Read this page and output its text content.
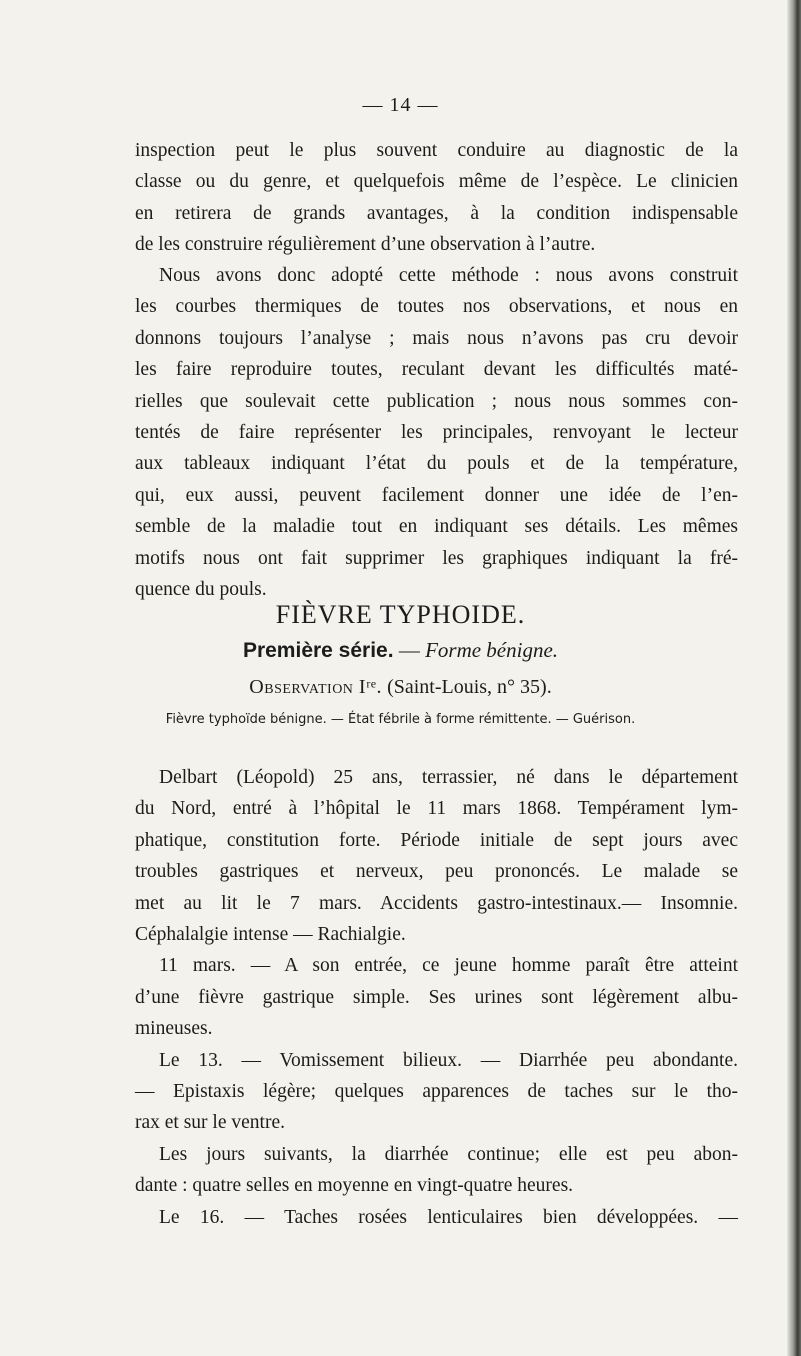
— 14 —

inspection peut le plus souvent conduire au diagnostic de la
classe ou du genre, et quelquefois même de l’espèce. Le clinicien
en retirera de grands avantages, à la condition indispensable
de les construire régulièrement d’une observation à l’autre.

Nous avons donc adopté cette méthode : nous avons construit
les courbes thermiques de toutes nos observations, et nous en
donnons toujours l’analyse ; mais nous n’avons pas cru devoir
les faire reproduire toutes, reculant devant les difficultés maté-
rielles que soulevait cette publication ; nous nous sommes con-
tentés de faire représenter les principales, renvoyant le lecteur
aux tableaux indiquant l’état du pouls et de la température,
qui, eux aussi, peuvent facilement donner une idée de l’en-
semble de la maladie tout en indiquant ses détails. Les mêmes
motifs nous ont fait supprimer les graphiques indiquant la fré-
quence du pouls.

FIÈVRE TYPHOIDE.
Première série. — Forme bénigne.
Observation Iʳᵉ. (Saint-Louis, n° 35).
Fièvre typhoïde bénigne. — État fébrile à forme rémittente. — Guérison.

Delbart (Léopold) 25 ans, terrassier, né dans le département
du Nord, entré à l’hôpital le 11 mars 1868. Tempérament lym-
phatique, constitution forte. Période initiale de sept jours avec
troubles gastriques et nerveux, peu prononcés. Le malade se
met au lit le 7 mars. Accidents gastro-intestinaux.— Insomnie.
Céphalalgie intense — Rachialgie.

11 mars. — A son entrée, ce jeune homme paraît être atteint
d’une fièvre gastrique simple. Ses urines sont légèrement albu-
mineuses.

Le 13. — Vomissement bilieux. — Diarrhée peu abondante.
— Epistaxis légère; quelques apparences de taches sur le tho-
rax et sur le ventre.

Les jours suivants, la diarrhée continue; elle est peu abon-
dante : quatre selles en moyenne en vingt-quatre heures.

Le 16. — Taches rosées lenticulaires bien développées. —
